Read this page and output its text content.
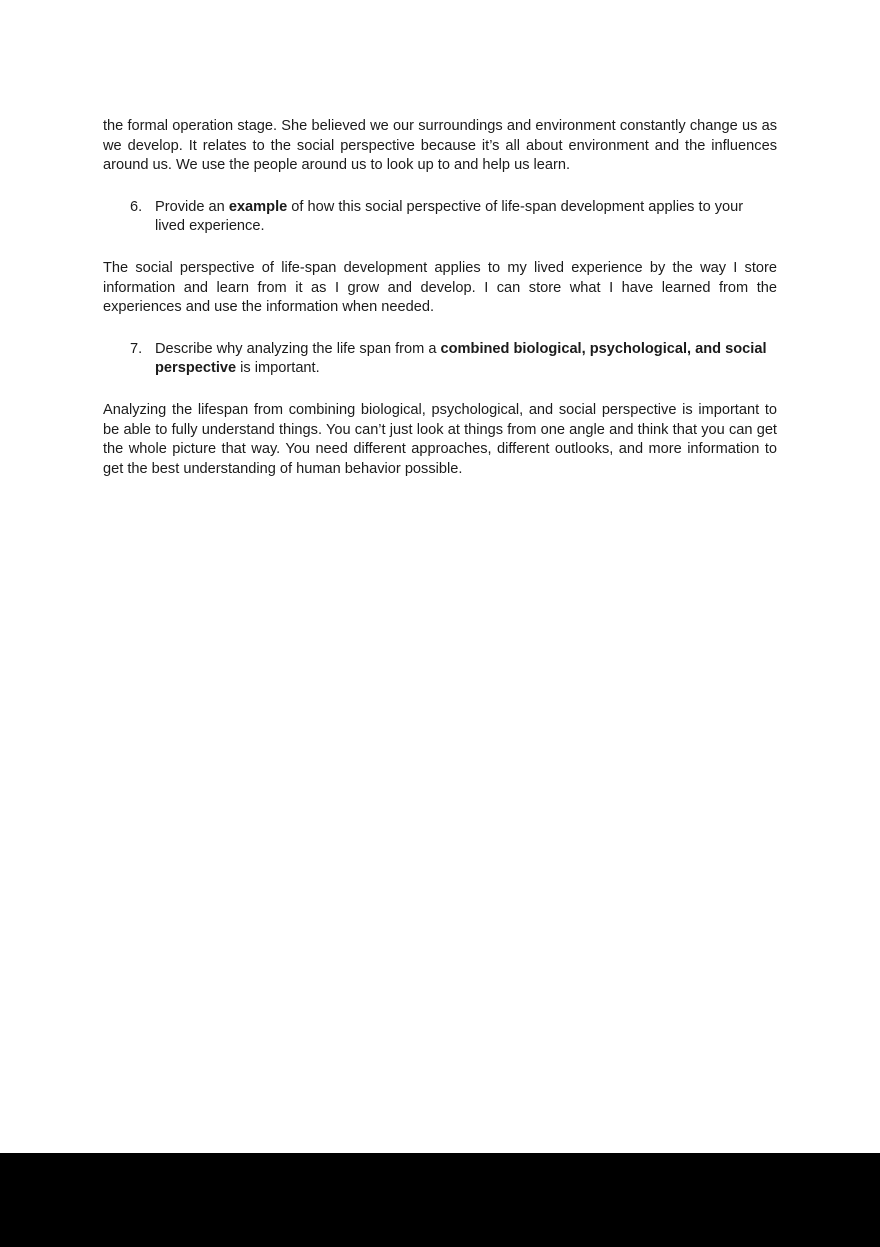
the formal operation stage. She believed we our surroundings and environment constantly change us as we develop. It relates to the social perspective because it’s all about environment and the influences around us. We use the people around us to look up to and help us learn.

6. Provide an example of how this social perspective of life-span development applies to your lived experience.

The social perspective of life-span development applies to my lived experience by the way I store information and learn from it as I grow and develop. I can store what I have learned from the experiences and use the information when needed.

7. Describe why analyzing the life span from a combined biological, psychological, and social perspective is important.

Analyzing the lifespan from combining biological, psychological, and social perspective is important to be able to fully understand things. You can’t just look at things from one angle and think that you can get the whole picture that way. You need different approaches, different outlooks, and more information to get the best understanding of human behavior possible.
